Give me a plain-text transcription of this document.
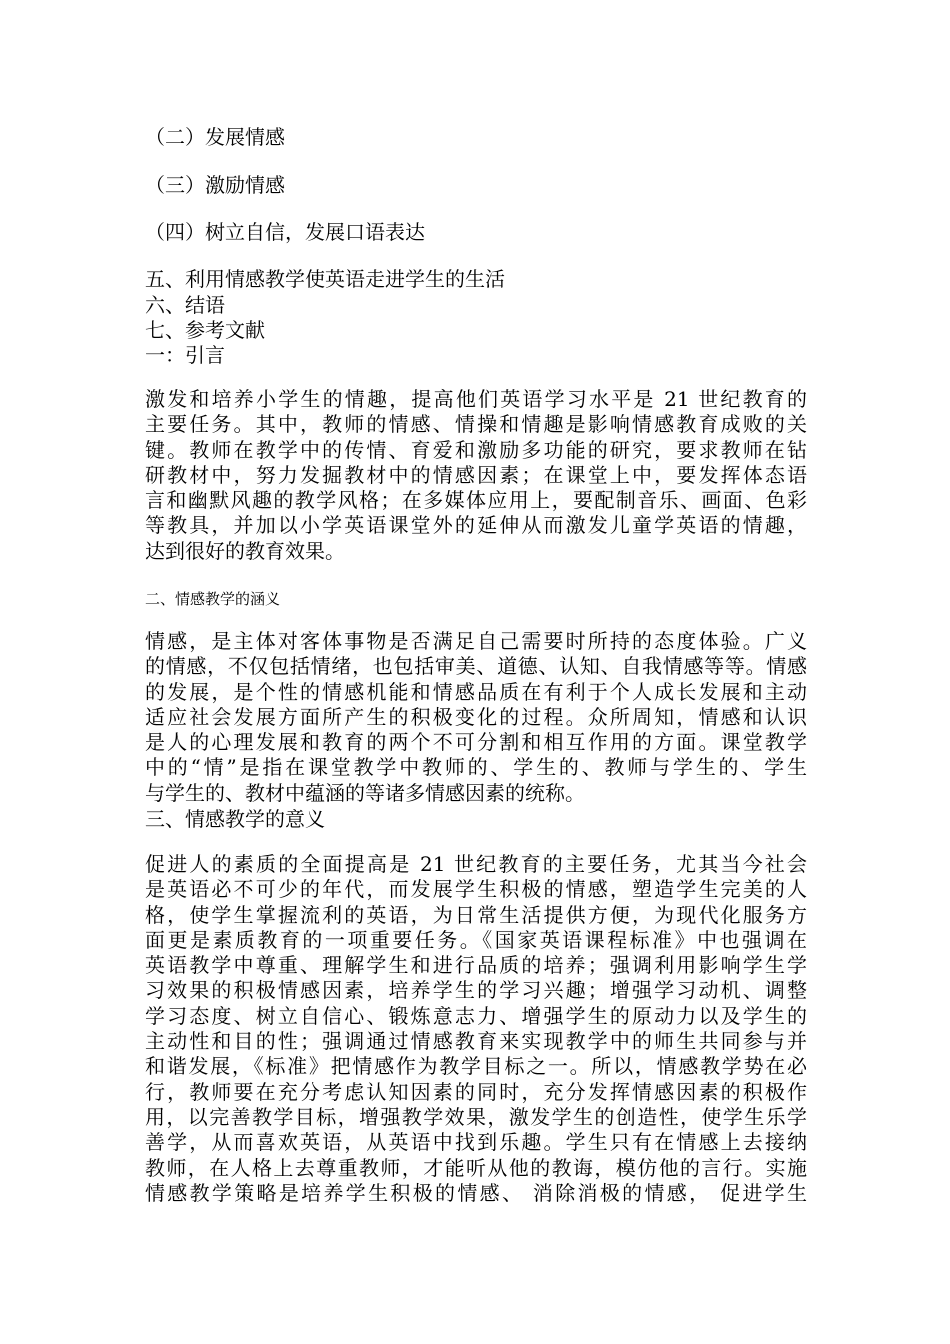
（二）发展情感
（三）激励情感
（四）树立自信，发展口语表达
五、利用情感教学使英语走进学生的生活
六、结语
七、参考文献
一：引言
激发和培养小学生的情趣，提高他们英语学习水平是 21 世纪教育的
主要任务。其中，教师的情感、情操和情趣是影响情感教育成败的关
键。教师在教学中的传情、育爱和激励多功能的研究，要求教师在钻
研教材中，努力发掘教材中的情感因素；在课堂上中，要发挥体态语
言和幽默风趣的教学风格；在多媒体应用上，要配制音乐、画面、色彩
等教具，并加以小学英语课堂外的延伸从而激发儿童学英语的情趣，
达到很好的教育效果。
二、情感教学的涵义
情感，是主体对客体事物是否满足自己需要时所持的态度体验。广义
的情感，不仅包括情绪，也包括审美、道德、认知、自我情感等等。情感
的发展，是个性的情感机能和情感品质在有利于个人成长发展和主动
适应社会发展方面所产生的积极变化的过程。众所周知，情感和认识
是人的心理发展和教育的两个不可分割和相互作用的方面。课堂教学
中的“情”是指在课堂教学中教师的、学生的、教师与学生的、学生
与学生的、教材中蕴涵的等诸多情感因素的统称。
三、情感教学的意义
促进人的素质的全面提高是 21 世纪教育的主要任务，尤其当今社会
是英语必不可少的年代，而发展学生积极的情感，塑造学生完美的人
格，使学生掌握流利的英语，为日常生活提供方便，为现代化服务方
面更是素质教育的一项重要任务。《国家英语课程标准》中也强调在
英语教学中尊重、理解学生和进行品质的培养；强调利用影响学生学
习效果的积极情感因素，培养学生的学习兴趣；增强学习动机、调整
学习态度、树立自信心、锻炼意志力、增强学生的原动力以及学生的
主动性和目的性；强调通过情感教育来实现教学中的师生共同参与并
和谐发展，《标准》把情感作为教学目标之一。所以，情感教学势在必
行，教师要在充分考虑认知因素的同时，充分发挥情感因素的积极作
用，以完善教学目标，增强教学效果，激发学生的创造性，使学生乐学
善学，从而喜欢英语，从英语中找到乐趣。学生只有在情感上去接纳
教师，在人格上去尊重教师，才能听从他的教诲，模仿他的言行。实施
情感教学策略是培养学生积极的情感、 消除消极的情感， 促进学生
